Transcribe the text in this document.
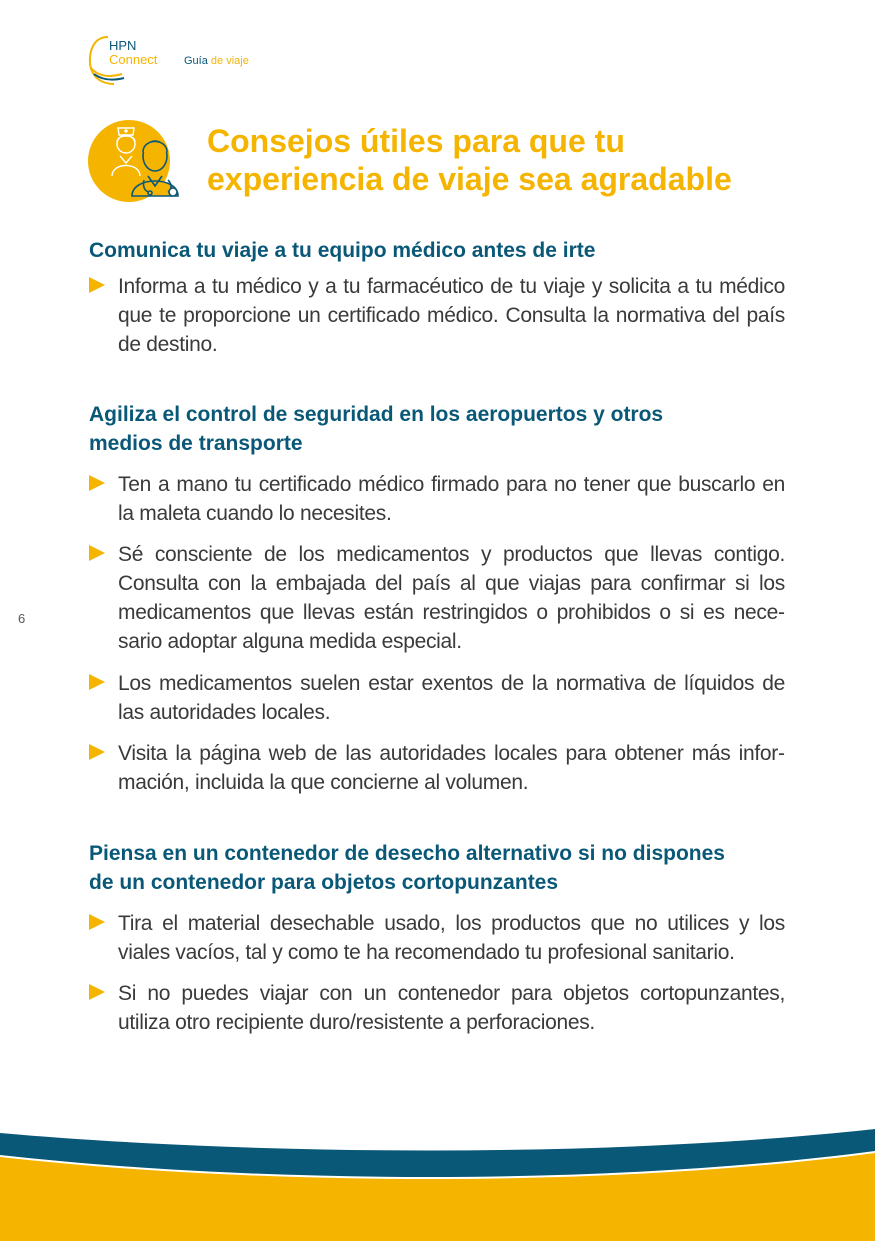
HPN
Connect Guía de viaje
Consejos útiles para que tu
experiencia de viaje sea agradable
Comunica tu viaje a tu equipo médico antes de irte

Informa a tu médico y a tu farmacéutico de tu viaje y solicita a tu médico que te proporcione un certificado médico. Consulta la normativa del país de destino.

Agiliza el control de seguridad en los aeropuertos y otros
medios de transporte

Ten a mano tu certificado médico firmado para no tener que buscarlo en la maleta cuando lo necesites.

Sé consciente de los medicamentos y productos que llevas contigo. Consulta con la embajada del país al que viajas para confirmar si los medicamentos que llevas están restringidos o prohibidos o si es necesario adoptar alguna medida especial.

Los medicamentos suelen estar exentos de la normativa de líquidos de las autoridades locales.

Visita la página web de las autoridades locales para obtener más información, incluida la que concierne al volumen.

Piensa en un contenedor de desecho alternativo si no dispones
de un contenedor para objetos cortopunzantes

Tira el material desechable usado, los productos que no utilices y los viales vacíos, tal y como te ha recomendado tu profesional sanitario.

Si no puedes viajar con un contenedor para objetos cortopunzantes, utiliza otro recipiente duro/resistente a perforaciones.

6
